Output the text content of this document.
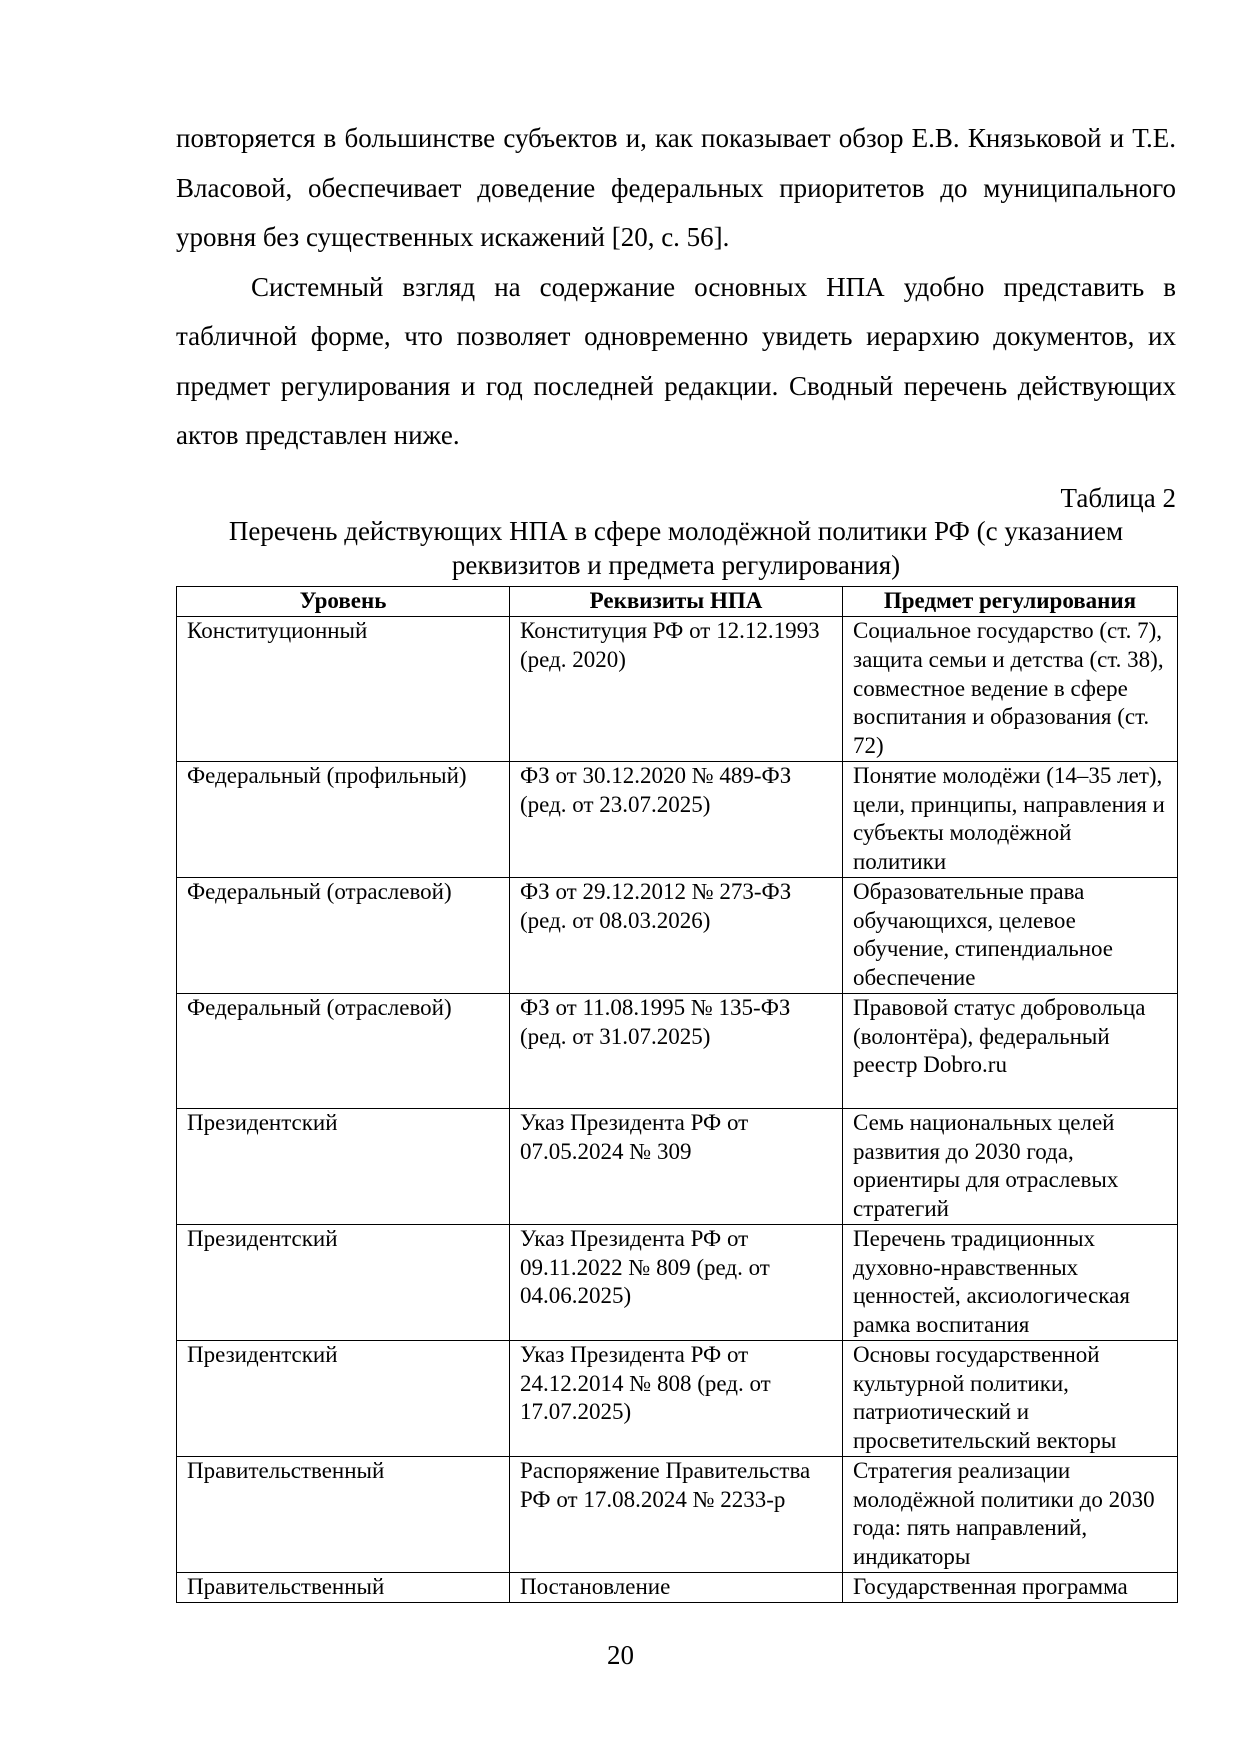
повторяется в большинстве субъектов и, как показывает обзор Е.В. Князьковой и Т.Е. Власовой, обеспечивает доведение федеральных приоритетов до муниципального уровня без существенных искажений [20, с. 56].

Системный взгляд на содержание основных НПА удобно представить в табличной форме, что позволяет одновременно увидеть иерархию документов, их предмет регулирования и год последней редакции. Сводный перечень действующих актов представлен ниже.

Таблица 2
Перечень действующих НПА в сфере молодёжной политики РФ (с указанием реквизитов и предмета регулирования)
Уровень	Реквизиты НПА	Предмет регулирования
Конституционный	Конституция РФ от 12.12.1993 (ред. 2020)	Социальное государство (ст. 7), защита семьи и детства (ст. 38), совместное ведение в сфере воспитания и образования (ст. 72)
Федеральный (профильный)	ФЗ от 30.12.2020 № 489-ФЗ (ред. от 23.07.2025)	Понятие молодёжи (14–35 лет), цели, принципы, направления и субъекты молодёжной политики
Федеральный (отраслевой)	ФЗ от 29.12.2012 № 273-ФЗ (ред. от 08.03.2026)	Образовательные права обучающихся, целевое обучение, стипендиальное обеспечение
Федеральный (отраслевой)	ФЗ от 11.08.1995 № 135-ФЗ (ред. от 31.07.2025)	Правовой статус добровольца (волонтёра), федеральный реестр Dobro.ru
Президентский	Указ Президента РФ от 07.05.2024 № 309	Семь национальных целей развития до 2030 года, ориентиры для отраслевых стратегий
Президентский	Указ Президента РФ от 09.11.2022 № 809 (ред. от 04.06.2025)	Перечень традиционных духовно-нравственных ценностей, аксиологическая рамка воспитания
Президентский	Указ Президента РФ от 24.12.2014 № 808 (ред. от 17.07.2025)	Основы государственной культурной политики, патриотический и просветительский векторы
Правительственный	Распоряжение Правительства РФ от 17.08.2024 № 2233-р	Стратегия реализации молодёжной политики до 2030 года: пять направлений, индикаторы
Правительственный	Постановление	Государственная программа
20
